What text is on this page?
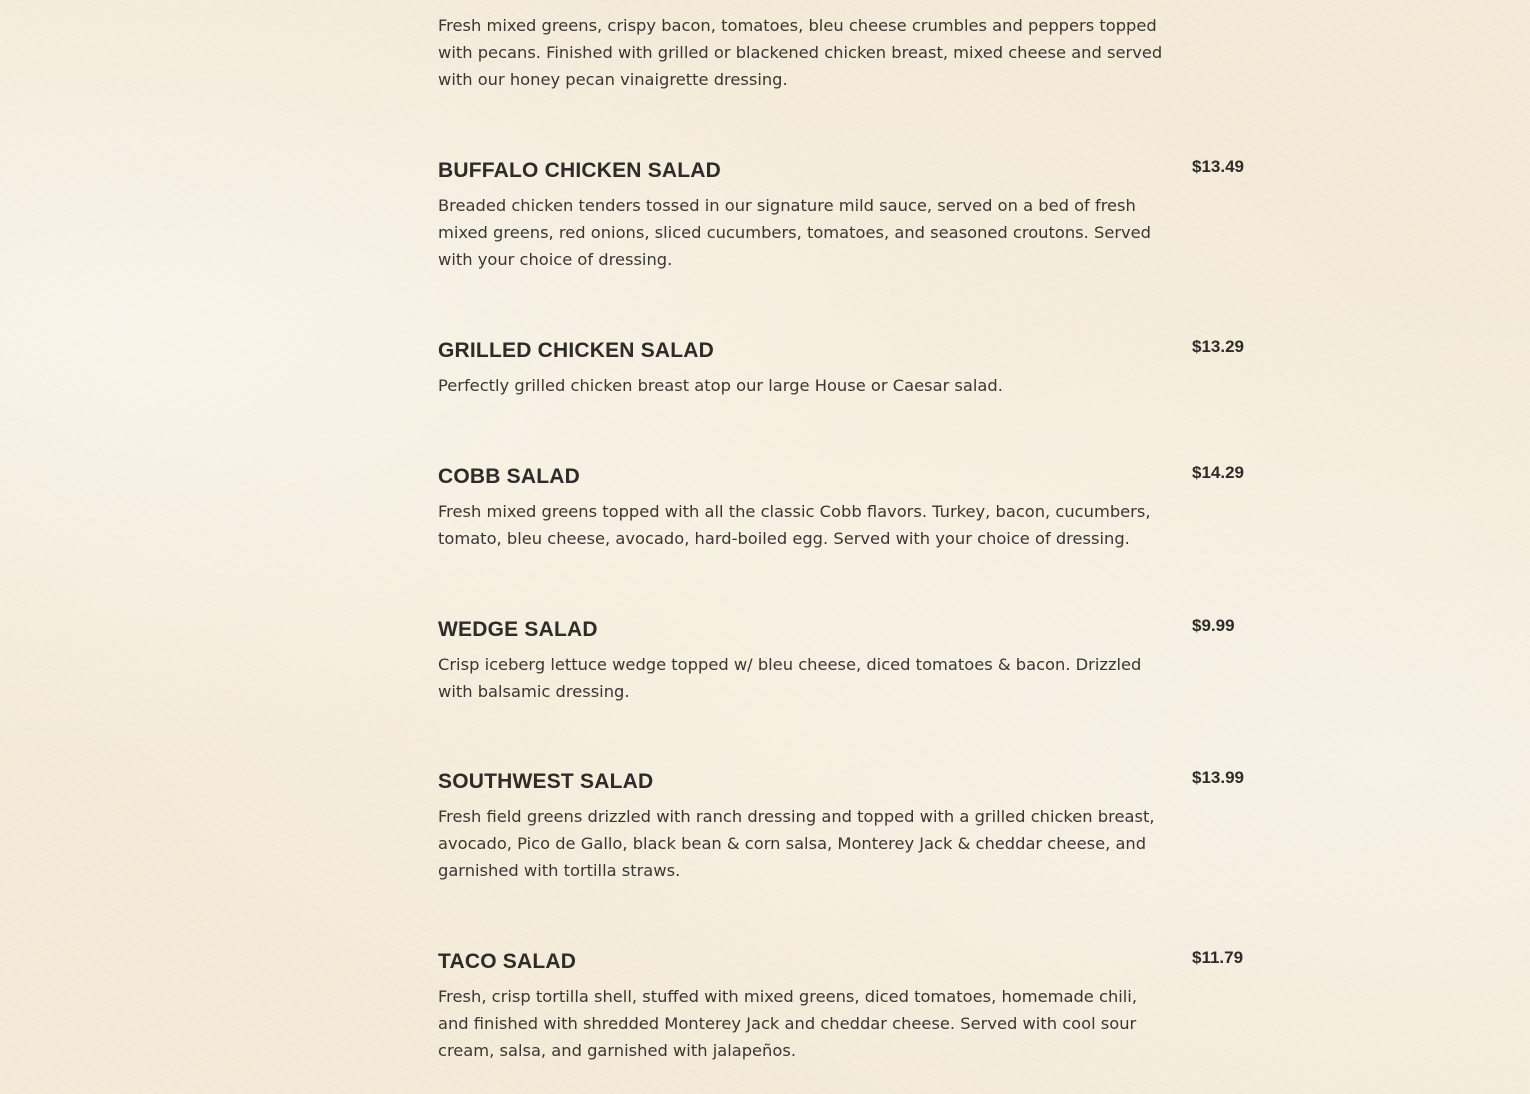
Fresh mixed greens, crispy bacon, tomatoes, bleu cheese crumbles and peppers topped with pecans. Finished with grilled or blackened chicken breast, mixed cheese and served with our honey pecan vinaigrette dressing.

BUFFALO CHICKEN SALAD	$13.49

Breaded chicken tenders tossed in our signature mild sauce, served on a bed of fresh mixed greens, red onions, sliced cucumbers, tomatoes, and seasoned croutons. Served with your choice of dressing.

GRILLED CHICKEN SALAD	$13.29

Perfectly grilled chicken breast atop our large House or Caesar salad.

COBB SALAD	$14.29

Fresh mixed greens topped with all the classic Cobb flavors. Turkey, bacon, cucumbers, tomato, bleu cheese, avocado, hard-boiled egg. Served with your choice of dressing.

WEDGE SALAD	$9.99

Crisp iceberg lettuce wedge topped w/ bleu cheese, diced tomatoes & bacon. Drizzled with balsamic dressing.

SOUTHWEST SALAD	$13.99

Fresh field greens drizzled with ranch dressing and topped with a grilled chicken breast, avocado, Pico de Gallo, black bean & corn salsa, Monterey Jack & cheddar cheese, and garnished with tortilla straws.

TACO SALAD	$11.79

Fresh, crisp tortilla shell, stuffed with mixed greens, diced tomatoes, homemade chili, and finished with shredded Monterey Jack and cheddar cheese. Served with cool sour cream, salsa, and garnished with jalapeños.
